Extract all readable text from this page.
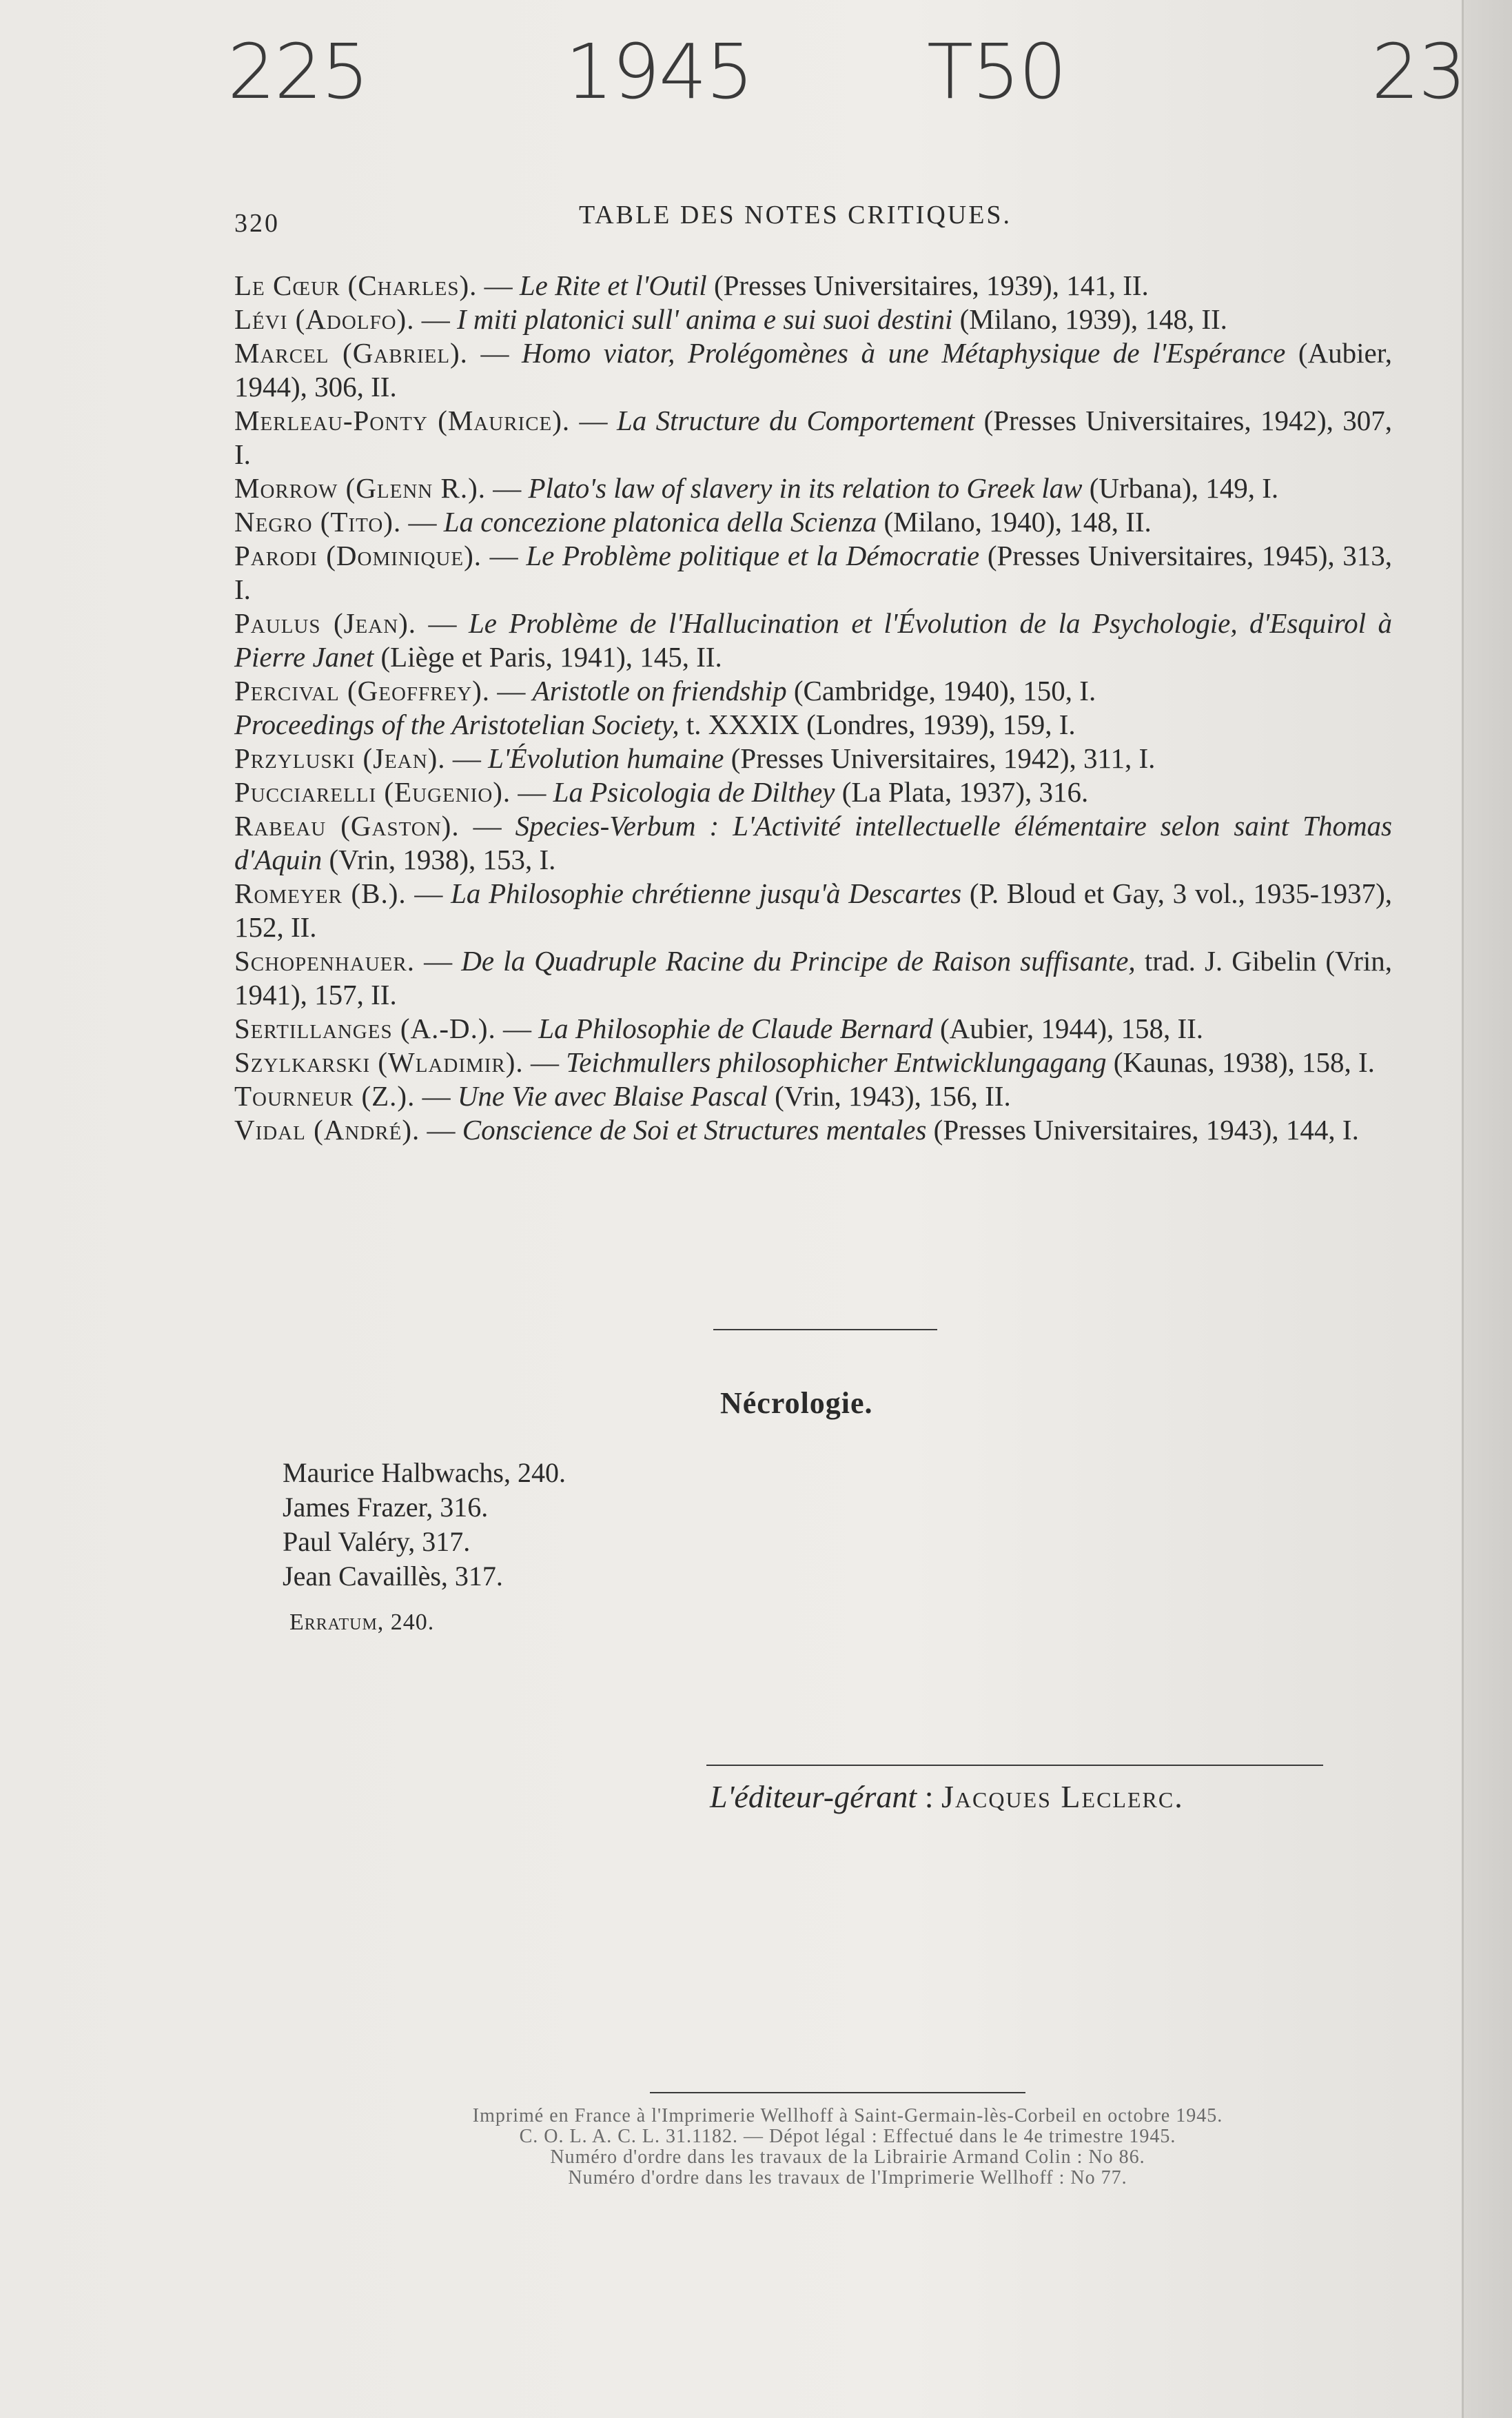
225	1945 T50	23
320	TABLE DES NOTES CRITIQUES.

Le Cœur (Charles). — Le Rite et l'Outil (Presses Universitaires, 1939), 141, II.

Lévi (Adolfo). — I miti platonici sull' anima e sui suoi destini (Milano, 1939), 148, II.

Marcel (Gabriel). — Homo viator, Prolégomènes à une Métaphysique de l'Espérance (Aubier, 1944), 306, II.

Merleau-Ponty (Maurice). — La Structure du Comportement (Presses Universitaires, 1942), 307, I.

Morrow (Glenn R.). — Plato's law of slavery in its relation to Greek law (Urbana), 149, I.

Negro (Tito). — La concezione platonica della Scienza (Milano, 1940), 148, II.

Parodi (Dominique). — Le Problème politique et la Démocratie (Presses Universitaires, 1945), 313, I.

Paulus (Jean). — Le Problème de l'Hallucination et l'Évolution de la Psychologie, d'Esquirol à Pierre Janet (Liège et Paris, 1941), 145, II.

Percival (Geoffrey). — Aristotle on friendship (Cambridge, 1940), 150, I.

Proceedings of the Aristotelian Society, t. XXXIX (Londres, 1939), 159, I.

Przyluski (Jean). — L'Évolution humaine (Presses Universitaires, 1942), 311, I.

Pucciarelli (Eugenio). — La Psicologia de Dilthey (La Plata, 1937), 316.

Rabeau (Gaston). — Species-Verbum : L'Activité intellectuelle élémentaire selon saint Thomas d'Aquin (Vrin, 1938), 153, I.

Romeyer (B.). — La Philosophie chrétienne jusqu'à Descartes (P. Bloud et Gay, 3 vol., 1935-1937), 152, II.

Schopenhauer. — De la Quadruple Racine du Principe de Raison suffisante, trad. J. Gibelin (Vrin, 1941), 157, II.

Sertillanges (A.-D.). — La Philosophie de Claude Bernard (Aubier, 1944), 158, II.

Szylkarski (Wladimir). — Teichmullers philosophicher Entwicklungagang (Kaunas, 1938), 158, I.

Tourneur (Z.). — Une Vie avec Blaise Pascal (Vrin, 1943), 156, II.

Vidal (André). — Conscience de Soi et Structures mentales (Presses Universitaires, 1943), 144, I.

Nécrologie.
Maurice Halbwachs, 240.
James Frazer, 316.
Paul Valéry, 317.
Jean Cavaillès, 317.
Erratum, 240.
L'éditeur-gérant : Jacques Leclerc.
Imprimé en France à l'Imprimerie Wellhoff à Saint-Germain-lès-Corbeil en octobre 1945.
C. O. L. A. C. L. 31.1182. — Dépot légal : Effectué dans le 4e trimestre 1945.
Numéro d'ordre dans les travaux de la Librairie Armand Colin : No 86.
Numéro d'ordre dans les travaux de l'Imprimerie Wellhoff : No 77.
